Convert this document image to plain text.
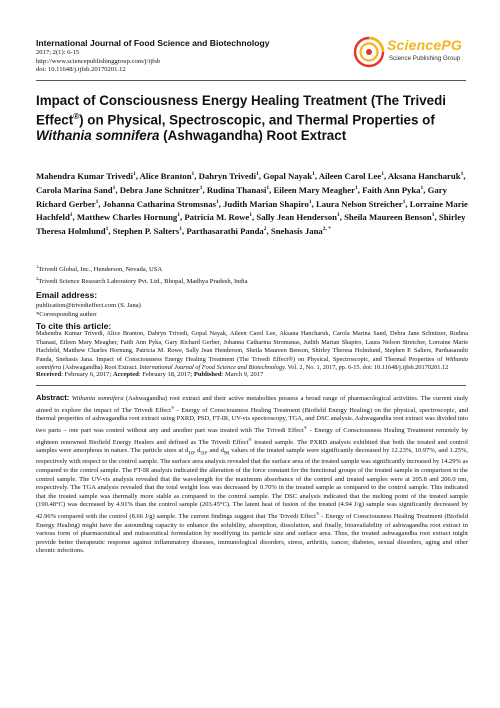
International Journal of Food Science and Biotechnology
2017; 2(1): 6-15
http://www.sciencepublishinggroup.com/j/ijfsb
doi: 10.11648/j.ijfsb.20170201.12
SciencePG
Science Publishing Group
Impact of Consciousness Energy Healing Treatment (The Trivedi Effect®) on Physical, Spectroscopic, and Thermal Properties of Withania somnifera (Ashwagandha) Root Extract
Mahendra Kumar Trivedi$^1$, Alice Branton$^1$, Dahryn Trivedi$^1$, Gopal Nayak$^1$, Aileen Carol Lee$^1$, Aksana Hancharuk$^1$, Carola Marina Sand$^1$, Debra Jane Schnitzer$^1$, Rudina Thanasi$^1$, Eileen Mary Meagher$^1$, Faith Ann Pyka$^1$, Gary Richard Gerber$^1$, Johanna Catharina Stromsnas$^1$, Judith Marian Shapiro$^1$, Laura Nelson Streicher$^1$, Lorraine Marie Hachfeld$^1$, Matthew Charles Hornung$^1$, Patricia M. Rowe$^1$, Sally Jean Henderson$^1$, Sheila Maureen Benson$^1$, Shirley Theresa Holmlund$^1$, Stephen P. Salters$^1$, Parthasarathi Panda$^2$, Snehasis Jana$^{2, *}$
$^1$Trivedi Global, Inc., Henderson, Nevada, USA
$^2$Trivedi Science Research Laboratory Pvt. Ltd., Bhopal, Madhya Pradesh, India
Email address:
publication@trivedieffect.com (S. Jana)
*Corresponding author
To cite this article:
Mahendra Kumar Trivedi, Alice Branton, Dahryn Trivedi, Gopal Nayak, Aileen Carol Lee, Aksana Hancharuk, Carola Marina Sand, Debra Jane Schnitzer, Rudina Thanasi, Eileen Mary Meagher, Faith Ann Pyka, Gary Richard Gerber, Johanna Catharina Stromsnas, Judith Marian Shapiro, Laura Nelson Streicher, Lorraine Marie Hachfeld, Matthew Charles Hornung, Patricia M. Rowe, Sally Jean Henderson, Sheila Maureen Benson, Shirley Theresa Holmlund, Stephen P. Salters, Parthasarathi Panda, Snehasis Jana. Impact of Consciousness Energy Healing Treatment (The Trivedi Effect®) on Physical, Spectroscopic, and Thermal Properties of Withania somnifera (Ashwagandha) Root Extract. International Journal of Food Science and Biotechnology. Vol. 2, No. 1, 2017, pp. 6-15. doi: 10.11648/j.ijfsb.20170201.12
Received: February 6, 2017; Accepted: February 18, 2017; Published: March 9, 2017
Abstract: Withania somnifera (Ashwagandha) root extract and their active metabolites possess a broad range of pharmacological activities. The current study aimed to explore the impact of The Trivedi Effect® - Energy of Consciousness Healing Treatment (Biofield Energy Healing) on the physical, spectroscopic, and thermal properties of ashwagandha root extract using PXRD, PSD, FT-IR, UV-vis spectroscopy, TGA, and DSC analysis. Ashwagandha root extract was divided into two parts – one part was control without any and another part was treated with The Trivedi Effect® - Energy of Consciousness Healing Treatment remotely by eighteen renowned Biofield Energy Healers and defined as The Trivedi Effect® treated sample. The PXRD analysis exhibited that both the treated and control samples were amorphous in nature. The particle sizes at $d_{10}$, $d_{50}$, and $d_{90}$ values of the treated sample were significantly decreased by 12.23%, 10.97%, and 1.25%, respectively with respect to the control sample. The surface area analysis revealed that the surface area of the treated sample was significantly increased by 14.29% as compared to the control sample. The FT-IR analysis indicated the alteration of the force constant for the functional groups of the treated sample in comparison to the control sample. The UV-vis analysis revealed that the wavelength for the maximum absorbance of the control and treated samples were at 205.8 and 206.0 nm, respectively. The TGA analysis revealed that the total weight loss was decreased by 0.70% in the treated sample as compared to the control sample. This indicated that the treated sample was thermally more stable as compared to the control sample. The DSC analysis indicated that the melting point of the treated sample (190.48°C) was decreased by 4.91% than the control sample (203.45°C). The latent heat of fusion of the treated (4.94 J/g) sample was significantly decreased by 42.96% compared with the control (8.66 J/g) sample. The current findings suggest that The Trivedi Effect® - Energy of Consciousness Healing Treatment (Biofield Energy Healing) might have the astounding capacity to enhance the solubility, absorption, dissolution, and finally, bioavailability of ashwagandha root extract in various form of pharmaceutical and nutraceutical formulation by modifying its particle size and surface area. Thus, the treated ashwagandha root extract might provide better therapeutic response against inflammatory diseases, immunological disorders, stress, arthritis, cancer, diabetes, sexual disorders, aging and other chronic infections.
